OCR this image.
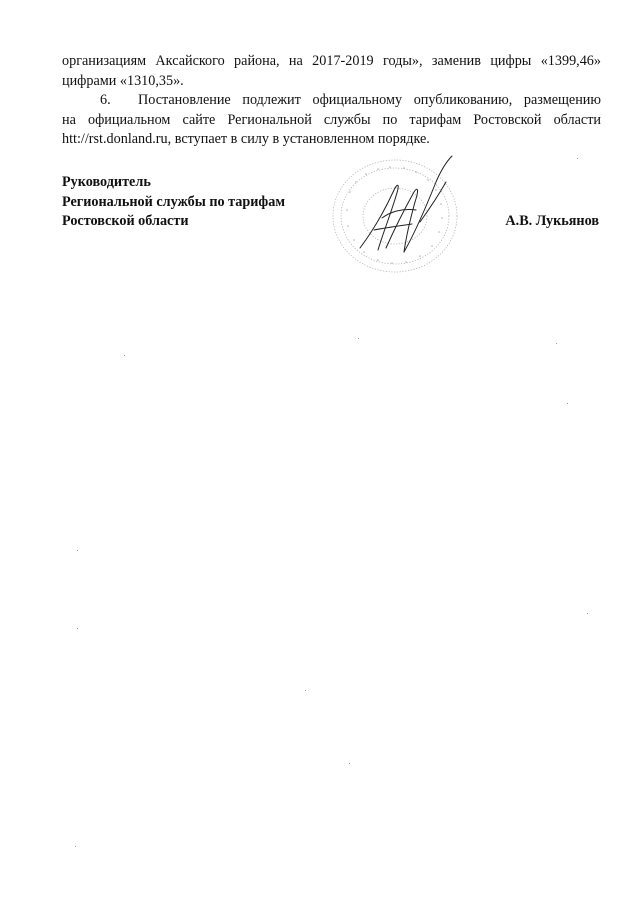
организациям Аксайского района, на 2017-2019 годы», заменив цифры «1399,46»
цифрами «1310,35».
6. Постановление подлежит официальному опубликованию, размещению
на официальном сайте Региональной службы по тарифам Ростовской области
htt://rst.donland.ru, вступает в силу в установленном порядке.
Руководитель
Региональной службы по тарифам
Ростовской области	А.В. Лукьянов
